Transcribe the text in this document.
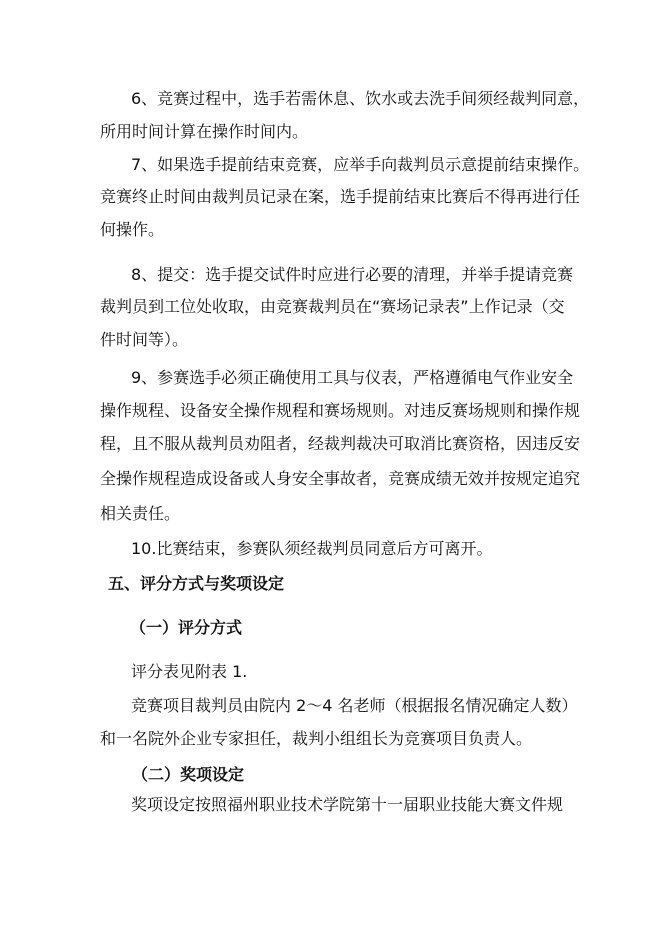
6、竞赛过程中，选手若需休息、饮水或去洗手间须经裁判同意，
所用时间计算在操作时间内。
7、如果选手提前结束竞赛，应举手向裁判员示意提前结束操作。
竞赛终止时间由裁判员记录在案，选手提前结束比赛后不得再进行任
何操作。
8、提交：选手提交试件时应进行必要的清理，并举手提请竞赛
裁判员到工位处收取，由竞赛裁判员在“赛场记录表”上作记录（交
件时间等）。
9、参赛选手必须正确使用工具与仪表，严格遵循电气作业安全
操作规程、设备安全操作规程和赛场规则。对违反赛场规则和操作规
程，且不服从裁判员劝阻者，经裁判裁决可取消比赛资格，因违反安
全操作规程造成设备或人身安全事故者，竞赛成绩无效并按规定追究
相关责任。
10.比赛结束，参赛队须经裁判员同意后方可离开。
五、评分方式与奖项设定
（一）评分方式
评分表见附表 1.
竞赛项目裁判员由院内 2～4 名老师（根据报名情况确定人数）
和一名院外企业专家担任，裁判小组组长为竞赛项目负责人。
（二）奖项设定
奖项设定按照福州职业技术学院第十一届职业技能大赛文件规
